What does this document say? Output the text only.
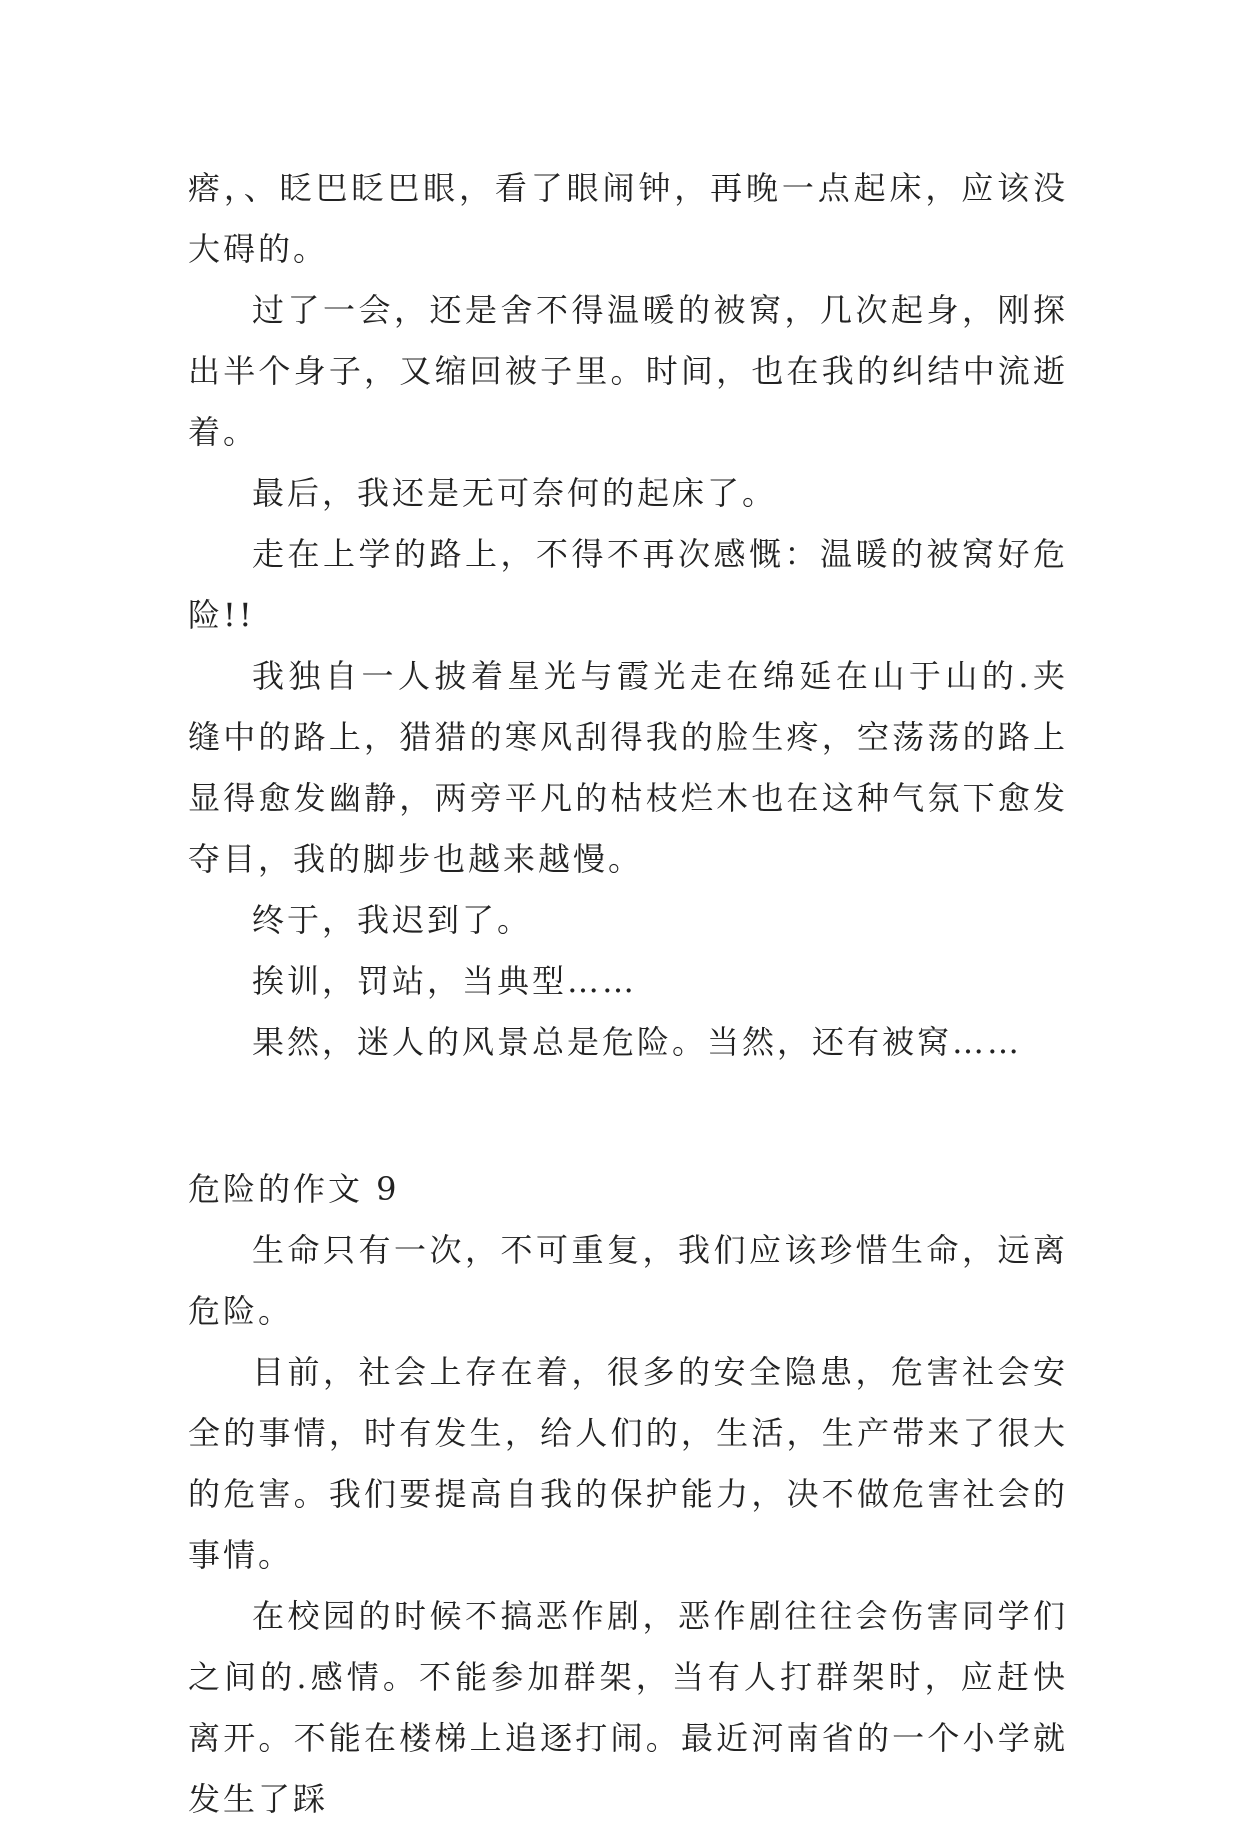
瘩，、眨巴眨巴眼，看了眼闹钟，再晚一点起床，应该没大碍的。

过了一会，还是舍不得温暖的被窝，几次起身，刚探出半个身子，又缩回被子里。时间，也在我的纠结中流逝着。

最后，我还是无可奈何的起床了。

走在上学的路上，不得不再次感慨：温暖的被窝好危险!!

我独自一人披着星光与霞光走在绵延在山于山的.夹缝中的路上，猎猎的寒风刮得我的脸生疼，空荡荡的路上显得愈发幽静，两旁平凡的枯枝烂木也在这种气氛下愈发夺目，我的脚步也越来越慢。

终于，我迟到了。

挨训，罚站，当典型……

果然，迷人的风景总是危险。当然，还有被窝……

危险的作文 9

生命只有一次，不可重复，我们应该珍惜生命，远离危险。

目前，社会上存在着，很多的安全隐患，危害社会安全的事情，时有发生，给人们的，生活，生产带来了很大的危害。我们要提高自我的保护能力，决不做危害社会的事情。

在校园的时候不搞恶作剧，恶作剧往往会伤害同学们之间的.感情。不能参加群架，当有人打群架时，应赶快离开。不能在楼梯上追逐打闹。最近河南省的一个小学就发生了踩
